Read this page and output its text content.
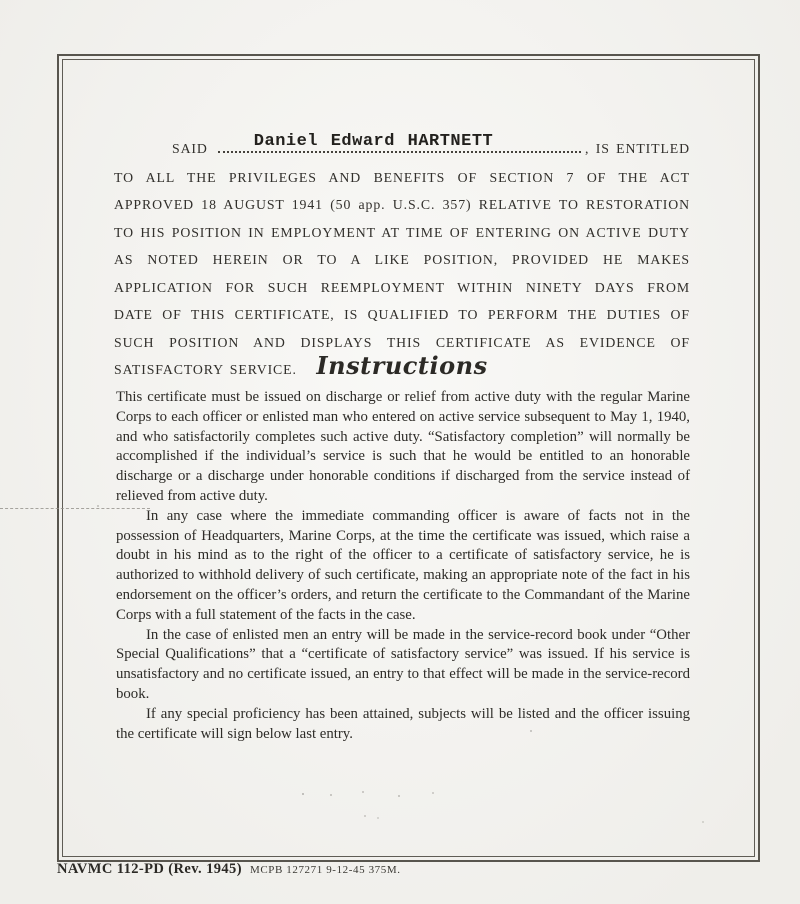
SAID	Daniel Edward HARTNETT	, IS ENTITLED
TO ALL THE PRIVILEGES AND BENEFITS OF SECTION 7 OF THE ACT APPROVED 18 AUGUST 1941 (50 app. U.S.C. 357) RELATIVE TO RESTORATION TO HIS POSITION IN EMPLOYMENT AT TIME OF ENTERING ON ACTIVE DUTY AS NOTED HEREIN OR TO A LIKE POSITION, PROVIDED HE MAKES APPLICATION FOR SUCH REEMPLOYMENT WITHIN NINETY DAYS FROM DATE OF THIS CERTIFICATE, IS QUALIFIED TO PERFORM THE DUTIES OF SUCH POSITION AND DISPLAYS THIS CERTIFICATE AS EVIDENCE OF SATISFACTORY SERVICE. Instructions

This certificate must be issued on discharge or relief from active duty with the regular Marine Corps to each officer or enlisted man who entered on active service subsequent to May 1, 1940, and who satisfactorily completes such active duty. “Satisfactory completion” will normally be accomplished if the individual’s service is such that he would be entitled to an honorable discharge or a discharge under honorable conditions if discharged from the service instead of relieved from active duty.

In any case where the immediate commanding officer is aware of facts not in the possession of Headquarters, Marine Corps, at the time the certificate was issued, which raise a doubt in his mind as to the right of the officer to a certificate of satisfactory service, he is authorized to withhold delivery of such certificate, making an appropriate note of the fact in his endorsement on the officer’s orders, and return the certificate to the Commandant of the Marine Corps with a full statement of the facts in the case.

In the case of enlisted men an entry will be made in the service-record book under “Other Special Qualifications” that a “certificate of satisfactory service” was issued. If his service is unsatisfactory and no certificate issued, an entry to that effect will be made in the service-record book.

If any special proficiency has been attained, subjects will be listed and the officer issuing the certificate will sign below last entry.

NAVMC 112-PD (Rev. 1945) MCPB 127271 9-12-45 375M.
